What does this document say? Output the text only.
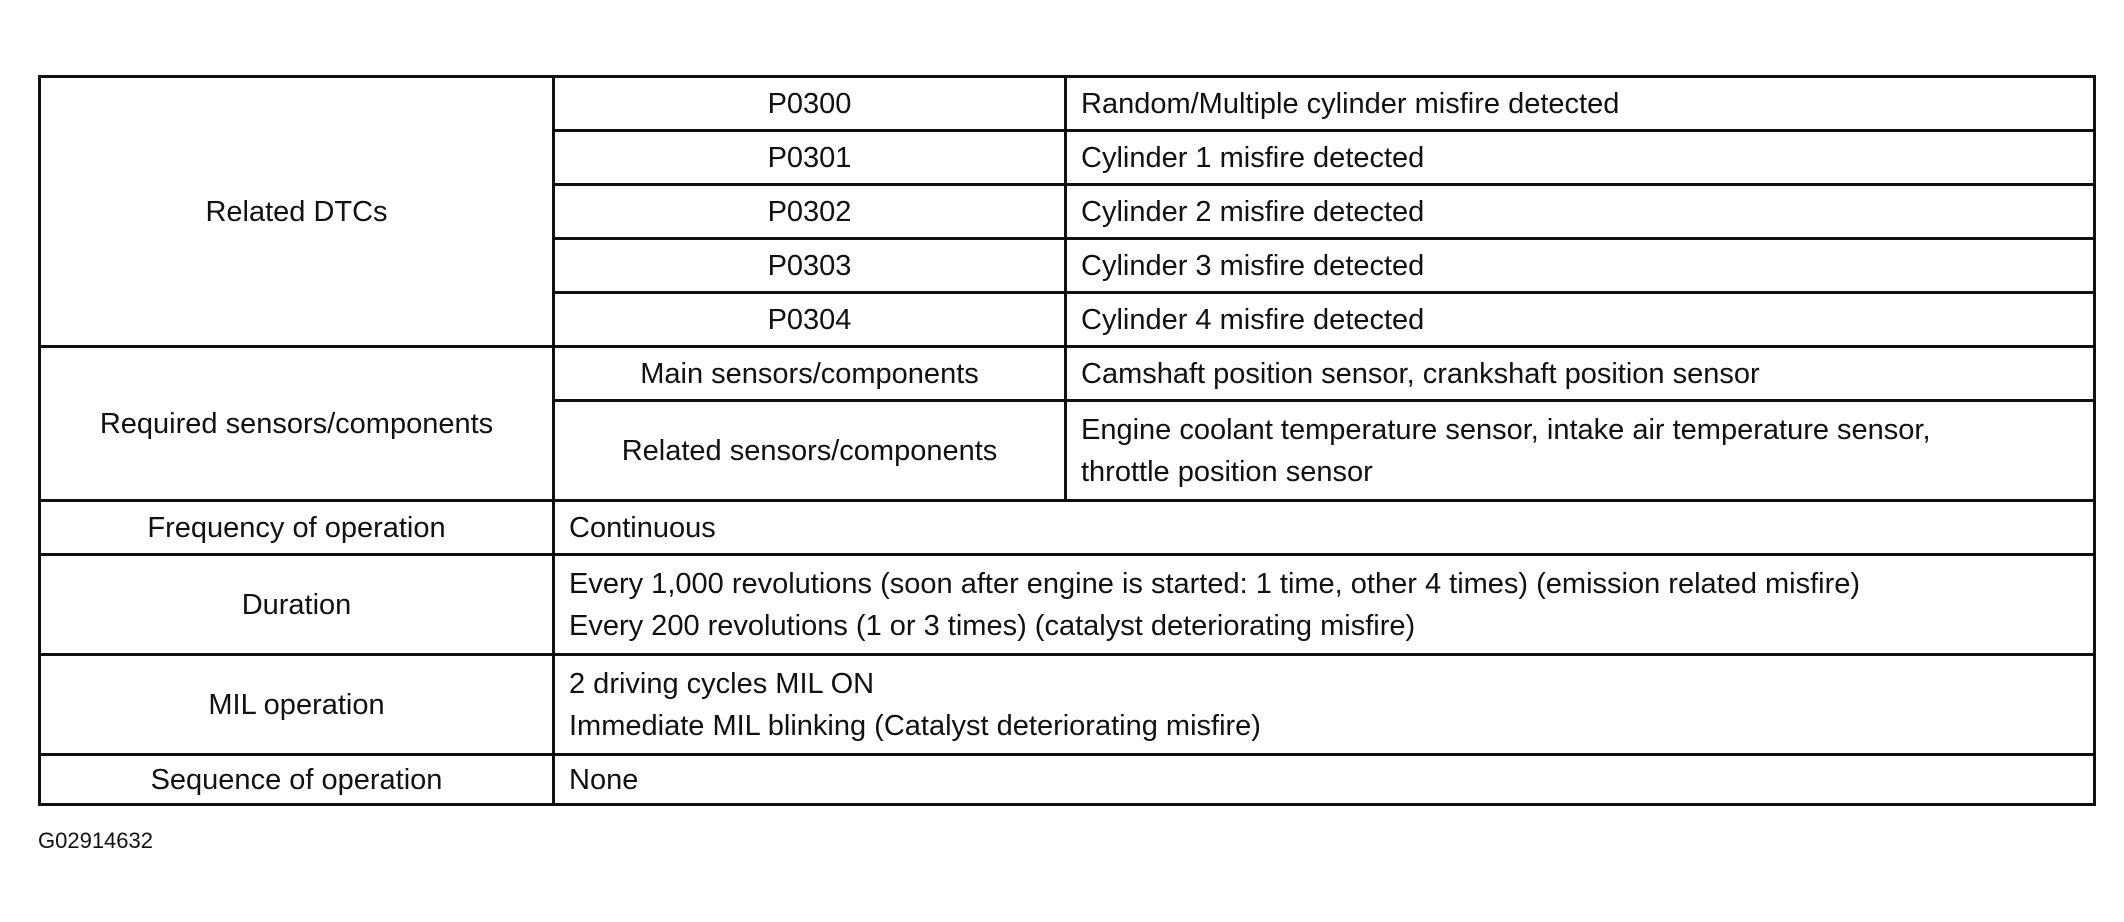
Related DTCs	P0300	Random/Multiple cylinder misfire detected
	P0301	Cylinder 1 misfire detected
	P0302	Cylinder 2 misfire detected
	P0303	Cylinder 3 misfire detected
	P0304	Cylinder 4 misfire detected
Required sensors/components	Main sensors/components	Camshaft position sensor, crankshaft position sensor
	Related sensors/components	Engine coolant temperature sensor, intake air temperature sensor,
throttle position sensor

Frequency of operation	Continuous	
Duration	Every 1,000 revolutions (soon after engine is started: 1 time, other 4 times) (emission related misfire)
Every 200 revolutions (1 or 3 times) (catalyst deteriorating misfire)	

MIL operation	2 driving cycles MIL ON
Immediate MIL blinking (Catalyst deteriorating misfire)	

Sequence of operation	None	
G02914632
